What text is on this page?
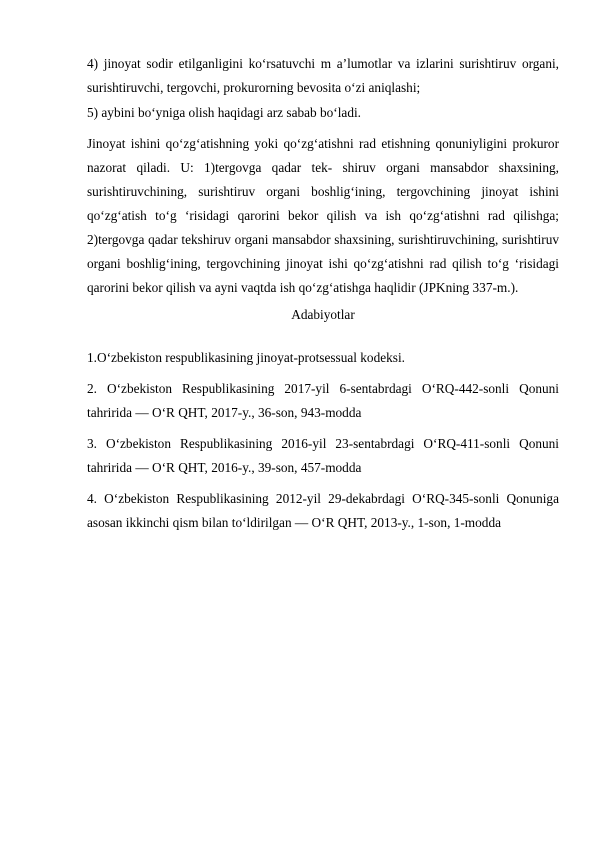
4) jinoyat sodir etilganligini ko‘rsatuvchi m a’lumotlar va izlarini surishtiruv organi, surishtiruvchi, tergovchi, prokurorning bevosita o‘zi aniqlashi;

5) aybini bo‘yniga olish haqidagi arz sabab bo‘ladi.

Jinoyat ishini qo‘zg‘atishning yoki qo‘zg‘atishni rad etishning qonuniyligini prokuror nazorat qiladi. U: 1)tergovga qadar tek- shiruv organi mansabdor shaxsining, surishtiruvchining, surishtiruv organi boshlig‘ining, tergovchining jinoyat ishini qo‘zg‘atish to‘g ‘risidagi qarorini bekor qilish va ish qo‘zg‘atishni rad qilishga; 2)tergovga qadar tekshiruv organi mansabdor shaxsining, surishtiruvchining, surishtiruv organi boshlig‘ining, tergovchining jinoyat ishi qo‘zg‘atishni rad qilish to‘g ‘risidagi qarorini bekor qilish va ayni vaqtda ish qo‘zg‘atishga haqlidir (JPKning 337-m.).

Adabiyotlar

1.O‘zbekiston respublikasining jinoyat-protsessual kodeksi.

2. O‘zbekiston Respublikasining 2017-yil 6-sentabrdagi O‘RQ-442-sonli Qonuni tahririda — O‘R QHT, 2017-y., 36-son, 943-modda

3. O‘zbekiston Respublikasining 2016-yil 23-sentabrdagi O‘RQ-411-sonli Qonuni tahririda — O‘R QHT, 2016-y., 39-son, 457-modda

4. O‘zbekiston Respublikasining 2012-yil 29-dekabrdagi O‘RQ-345-sonli Qonuniga asosan ikkinchi qism bilan to‘ldirilgan — O‘R QHT, 2013-y., 1-son, 1-modda
